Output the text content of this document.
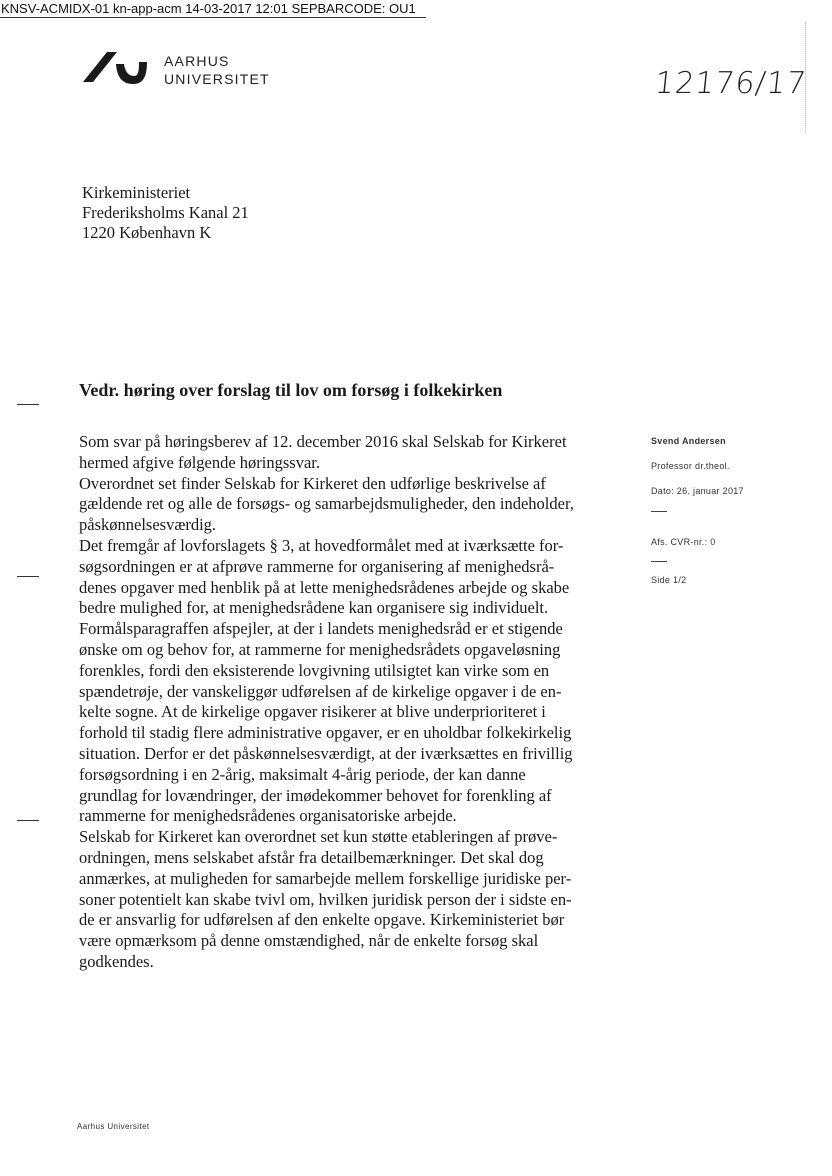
KNSV-ACMIDX-01 kn-app-acm 14-03-2017 12:01 SEPBARCODE: OU1
AARHUS
UNIVERSITET	12176/17
Kirkeministeriet
Frederiksholms Kanal 21
1220 København K
Vedr. høring over forslag til lov om forsøg i folkekirken

Som svar på høringsberev af 12. december 2016 skal Selskab for Kirkeret

hermed afgive følgende høringssvar.

Overordnet set finder Selskab for Kirkeret den udførlige beskrivelse af

gældende ret og alle de forsøgs- og samarbejdsmuligheder, den indeholder,

påskønnelsesværdig.

Det fremgår af lovforslagets § 3, at hovedformålet med at iværksætte for-

søgsordningen er at afprøve rammerne for organisering af menighedsrå-

denes opgaver med henblik på at lette menighedsrådenes arbejde og skabe

bedre mulighed for, at menighedsrådene kan organisere sig individuelt.

Formålsparagraffen afspejler, at der i landets menighedsråd er et stigende

ønske om og behov for, at rammerne for menighedsrådets opgaveløsning

forenkles, fordi den eksisterende lovgivning utilsigtet kan virke som en

spændetrøje, der vanskeliggør udførelsen af de kirkelige opgaver i de en-

kelte sogne. At de kirkelige opgaver risikerer at blive underprioriteret i

forhold til stadig flere administrative opgaver, er en uholdbar folkekirkelig

situation. Derfor er det påskønnelsesværdigt, at der iværksættes en frivillig

forsøgsordning i en 2-årig, maksimalt 4-årig periode, der kan danne

grundlag for lovændringer, der imødekommer behovet for forenkling af

rammerne for menighedsrådenes organisatoriske arbejde.

Selskab for Kirkeret kan overordnet set kun støtte etableringen af prøve-

ordningen, mens selskabet afstår fra detailbemærkninger. Det skal dog

anmærkes, at muligheden for samarbejde mellem forskellige juridiske per-

soner potentielt kan skabe tvivl om, hvilken juridisk person der i sidste en-

de er ansvarlig for udførelsen af den enkelte opgave. Kirkeministeriet bør

være opmærksom på denne omstændighed, når de enkelte forsøg skal

godkendes.

Svend Andersen
Professor dr.theol.
Dato: 26. januar 2017
Afs. CVR-nr.: 0
Side 1/2
Aarhus Universitet
